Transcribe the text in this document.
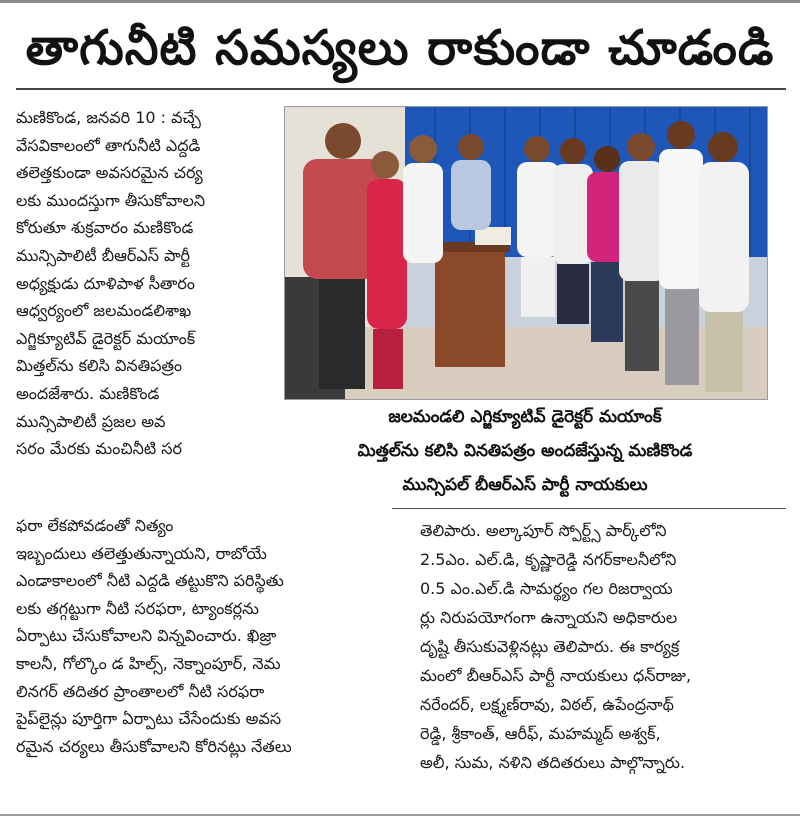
తాగునీటి సమస్యలు రాకుండా చూడండి
మణికొండ, జనవరి 10 : వచ్చే
వేసవికాలంలో తాగునీటి ఎద్దడి
తలెత్తకుండా అవసరమైన చర్య
లకు ముందస్తుగా తీసుకోవాలని
కోరుతూ శుక్రవారం మణికొండ
మున్సిపాలిటీ బీఆర్ఎస్ పార్టీ
అధ్యక్షుడు దూళిపాళ సీతారం
ఆధ్వర్యంలో జలమండలిశాఖ
ఎగ్జిక్యూటివ్ డైరెక్టర్ మయాంక్
మిత్తల్‌ను కలిసి వినతిపత్రం
అందజేశారు. మణికొండ
మున్సిపాలిటీ ప్రజల అవ
సరం మేరకు మంచినీటి సర
జలమండలి ఎగ్జిక్యూటివ్ డైరెక్టర్ మయాంక్
మిత్తల్‌ను కలిసి వినతిపత్రం అందజేస్తున్న మణికొండ
మున్సిపల్ బీఆర్ఎస్ పార్టీ నాయకులు
ఫరా లేకపోవడంతో నిత్యం
ఇబ్బందులు తలెత్తుతున్నాయని, రాబోయే
ఎండాకాలంలో నీటి ఎద్దడి తట్టుకొని పరిస్థితు
లకు తగ్గట్టుగా నీటి సరఫరా, ట్యాంకర్లను
ఏర్పాటు చేసుకోవాలని విన్నవించారు. ఖిజ్రా
కాలనీ, గోల్కొం డ హిల్స్, నెక్నాంపూర్, నెమ
లినగర్ తదితర ప్రాంతాలలో నీటి సరఫరా
పైప్‌లైన్లు పూర్తిగా ఏర్పాటు చేసేందుకు అవస
రమైన చర్యలు తీసుకోవాలని కోరినట్లు నేతలు
తెలిపారు. అల్కాపూర్ స్పోర్ట్స్ పార్క్‌లోని
2.5ఎం. ఎల్.డి, కృష్ణారెడ్డి నగర్‌కాలనీలోని
0.5 ఎం.ఎల్.డి సామర్థ్యం గల రిజర్వాయ
ర్లు నిరుపయోగంగా ఉన్నాయని అధికారుల
దృష్టి తీసుకువెళ్లినట్లు తెలిపారు. ఈ కార్యక్ర
మంలో బీఆర్ఎస్ పార్టీ నాయకులు ధన్‌రాజు,
నరేందర్, లక్ష్మణ్‌రావు, విఠల్, ఉపేంద్రనాథ్
రెడ్డి, శ్రీకాంత్, ఆరీఫ్, మహమ్మద్ అశ్వక్,
అలీ, సుమ, నళిని తదితరులు పాల్గొన్నారు.
